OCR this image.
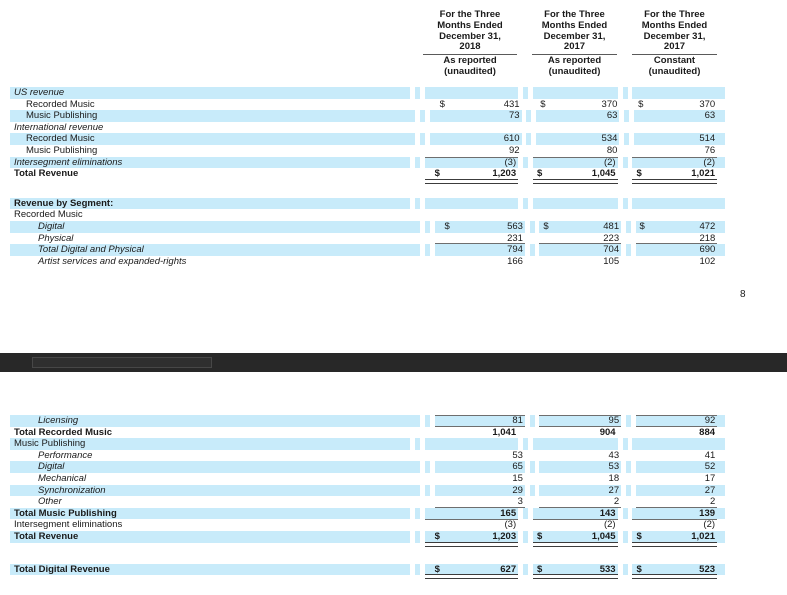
For the Three
Months Ended
December 31,
2018
As reported
(unaudited)
For the Three
Months Ended
December 31,
2017
As reported
(unaudited)
For the Three
Months Ended
December 31,
2017
Constant
(unaudited)
US revenue
Recorded Music	$	431 $	370 $	370
Music Publishing	73	63	63
International revenue
Recorded Music	610	534	514
Music Publishing	92	80	76
Intersegment eliminations	(3)	(2)	(2)
Total Revenue	$	1,203 $	1,045 $	1,021
Revenue by Segment:
Recorded Music
Digital	$	563 $	481 $	472
Physical	231	223	218
Total Digital and Physical	794	704	690
Artist services and expanded-rights	166	105	102
8
Licensing	81	95	92
Total Recorded Music	1,041	904	884
Music Publishing
Performance	53	43	41
Digital	65	53	52
Mechanical	15	18	17
Synchronization	29	27	27
Other	3	2	2
Total Music Publishing	165	143	139
Intersegment eliminations	(3)	(2)	(2)
Total Revenue	$	1,203 $	1,045 $	1,021
Total Digital Revenue	$	627 $	533 $	523
